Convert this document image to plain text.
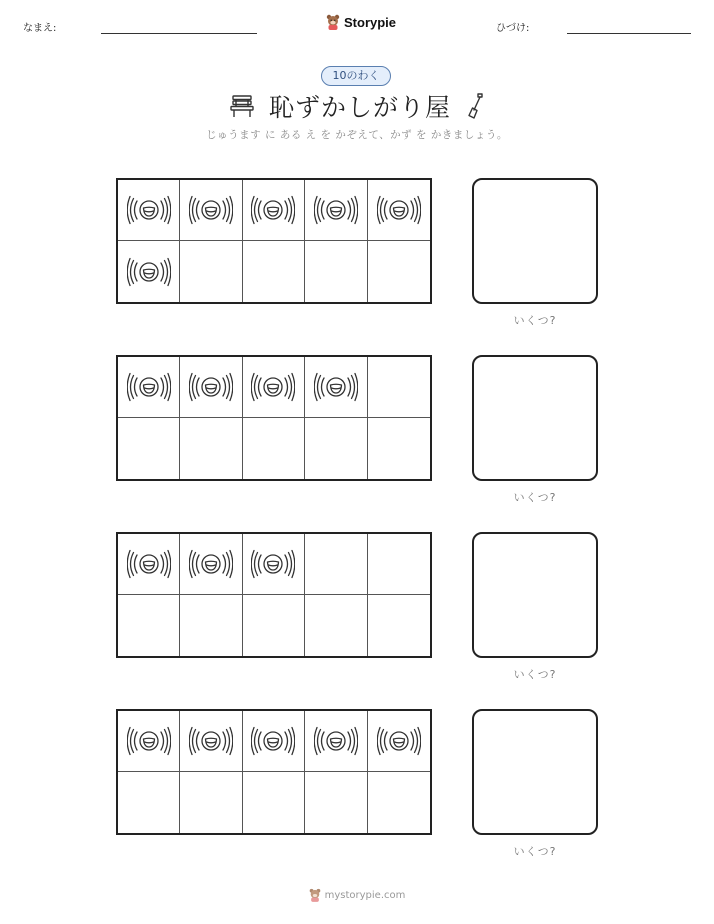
なまえ:	Storypie	ひづけ:
10のわく
恥ずかしがり屋
じゅうます に ある え を かぞえて、かず を かきましょう。
いくつ?
いくつ?
いくつ?
いくつ?
mystorypie.com
